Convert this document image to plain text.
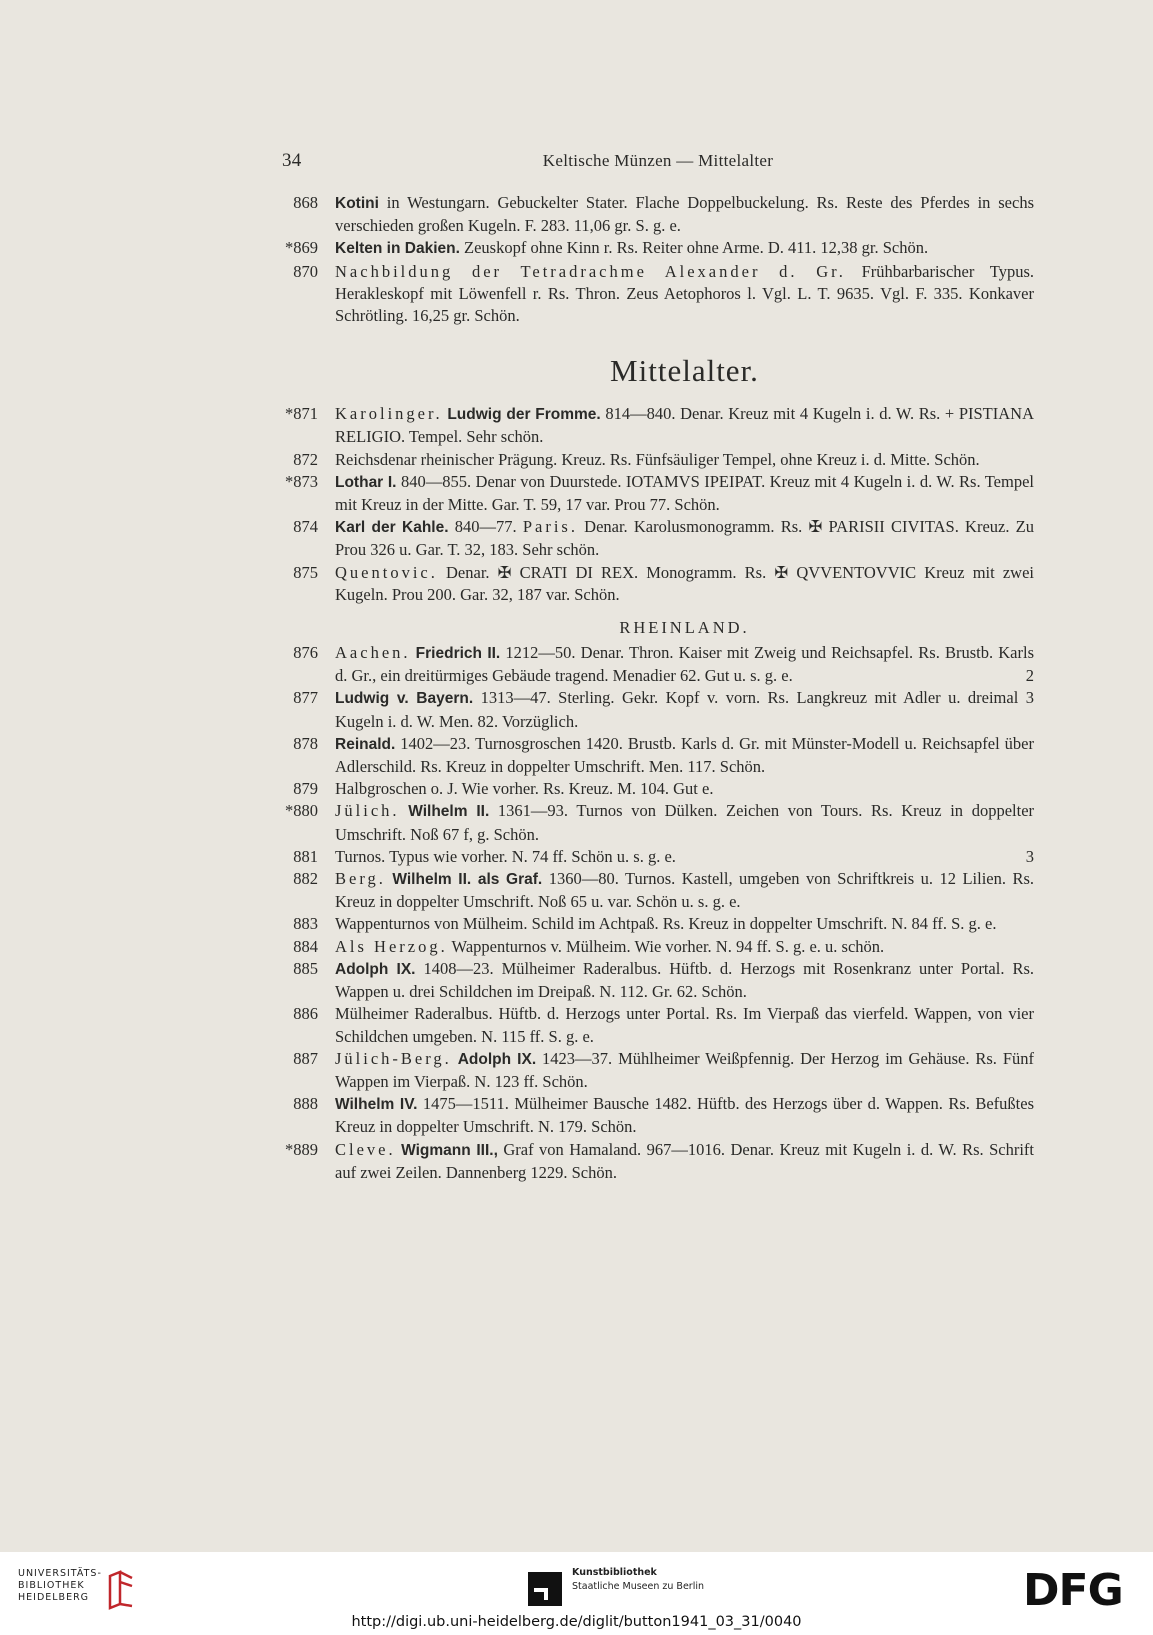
34	Keltische Münzen — Mittelalter
868 Kotini in Westungarn. Gebuckelter Stater. Flache Doppelbuckelung. Rs. Reste des Pferdes in sechs verschieden großen Kugeln. F. 283. 11,06 gr. S. g. e.
*869 Kelten in Dakien. Zeuskopf ohne Kinn r. Rs. Reiter ohne Arme. D. 411. 12,38 gr. Schön.
870 Nachbildung der Tetradrachme Alexander d. Gr. Frühbarbarischer Typus. Herakleskopf mit Löwenfell r. Rs. Thron. Zeus Aetophoros l. Vgl. L. T. 9635. Vgl. F. 335. Konkaver Schrötling. 16,25 gr. Schön.
Mittelalter.
*871 Karolinger. Ludwig der Fromme. 814—840. Denar. Kreuz mit 4 Kugeln i. d. W. Rs. + PISTIANA RELIGIO. Tempel. Sehr schön.
872 Reichsdenar rheinischer Prägung. Kreuz. Rs. Fünfsäuliger Tempel, ohne Kreuz i. d. Mitte. Schön.
*873 Lothar I. 840—855. Denar von Duurstede. IOTAMVS IPEIPAT. Kreuz mit 4 Kugeln i. d. W. Rs. Tempel mit Kreuz in der Mitte. Gar. T. 59, 17 var. Prou 77. Schön.
874 Karl der Kahle. 840—77. Paris. Denar. Karolusmonogramm. Rs. ✠ PARISII CIVITAS. Kreuz. Zu Prou 326 u. Gar. T. 32, 183. Sehr schön.
875 Quentovic. Denar. ✠ CRATI DI REX. Monogramm. Rs. ✠ QVVENTOVVIC Kreuz mit zwei Kugeln. Prou 200. Gar. 32, 187 var. Schön.
RHEINLAND.
876 Aachen. Friedrich II. 1212—50. Denar. Thron. Kaiser mit Zweig und Reichsapfel. Rs. Brustb. Karls d. Gr., ein dreitürmiges Gebäude tragend. Menadier 62. Gut u. s. g. e.	2
877 Ludwig v. Bayern. 1313—47. Sterling. Gekr. Kopf v. vorn. Rs. Langkreuz mit Adler u. dreimal 3 Kugeln i. d. W. Men. 82. Vorzüglich.
878 Reinald. 1402—23. Turnosgroschen 1420. Brustb. Karls d. Gr. mit Münster-Modell u. Reichsapfel über Adlerschild. Rs. Kreuz in doppelter Umschrift. Men. 117. Schön.
879 Halbgroschen o. J. Wie vorher. Rs. Kreuz. M. 104. Gut e.
*880 Jülich. Wilhelm II. 1361—93. Turnos von Dülken. Zeichen von Tours. Rs. Kreuz in doppelter Umschrift. Noß 67 f, g. Schön.
881 Turnos. Typus wie vorher. N. 74 ff. Schön u. s. g. e.	3
882 Berg. Wilhelm II. als Graf. 1360—80. Turnos. Kastell, umgeben von Schriftkreis u. 12 Lilien. Rs. Kreuz in doppelter Umschrift. Noß 65 u. var. Schön u. s. g. e.
883 Wappenturnos von Mülheim. Schild im Achtpaß. Rs. Kreuz in doppelter Umschrift. N. 84 ff. S. g. e.
884 Als Herzog. Wappenturnos v. Mülheim. Wie vorher. N. 94 ff. S. g. e. u. schön.
885 Adolph IX. 1408—23. Mülheimer Raderalbus. Hüftb. d. Herzogs mit Rosenkranz unter Portal. Rs. Wappen u. drei Schildchen im Dreipaß. N. 112. Gr. 62. Schön.
886 Mülheimer Raderalbus. Hüftb. d. Herzogs unter Portal. Rs. Im Vierpaß das vierfeld. Wappen, von vier Schildchen umgeben. N. 115 ff. S. g. e.
887 Jülich-Berg. Adolph IX. 1423—37. Mühlheimer Weißpfennig. Der Herzog im Gehäuse. Rs. Fünf Wappen im Vierpaß. N. 123 ff. Schön.
888 Wilhelm IV. 1475—1511. Mülheimer Bausche 1482. Hüftb. des Herzogs über d. Wappen. Rs. Befußtes Kreuz in doppelter Umschrift. N. 179. Schön.
*889 Cleve. Wigmann III., Graf von Hamaland. 967—1016. Denar. Kreuz mit Kugeln i. d. W. Rs. Schrift auf zwei Zeilen. Dannenberg 1229. Schön.
UNIVERSITÄTS-
BIBLIOTHEK
HEIDELBERG
Kunstbibliothek
Staatliche Museen zu Berlin	DFG
http://digi.ub.uni-heidelberg.de/diglit/button1941_03_31/0040
